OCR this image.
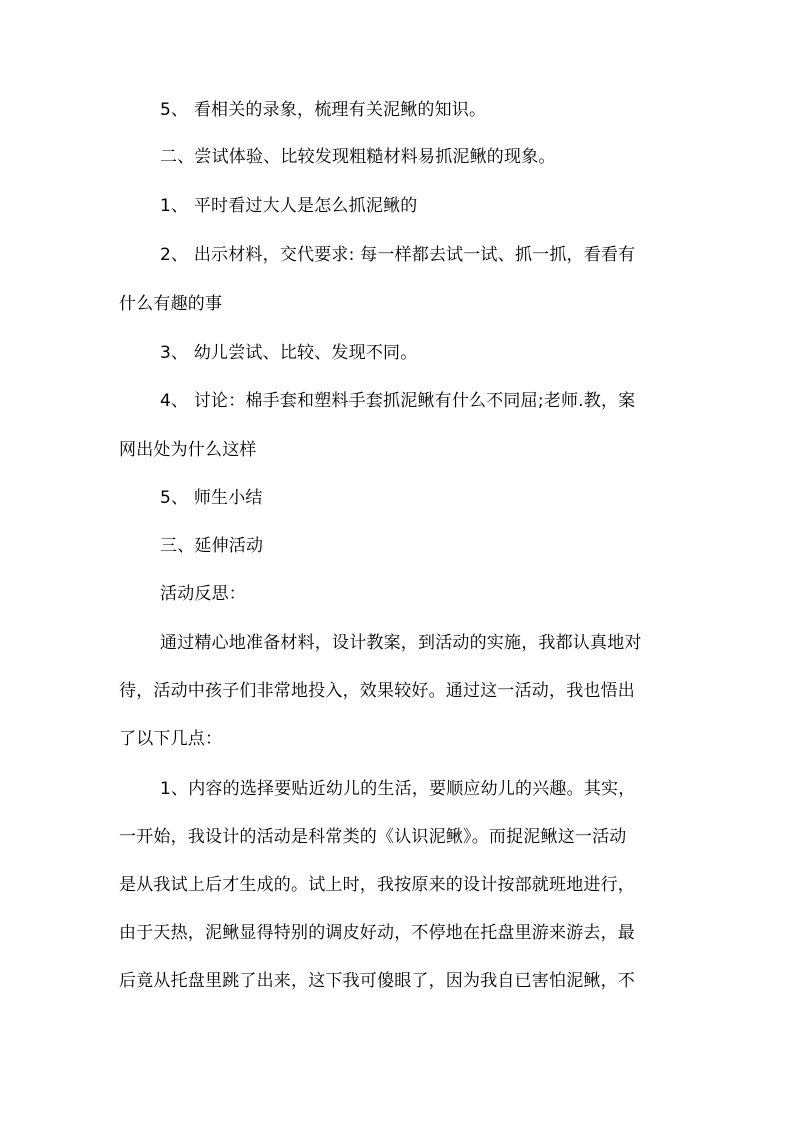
5、 看相关的录象，梳理有关泥鳅的知识。
二、尝试体验、比较发现粗糙材料易抓泥鳅的现象。
1、 平时看过大人是怎么抓泥鳅的
2、 出示材料，交代要求: 每一样都去试一试、抓一抓，看看有
什么有趣的事
3、 幼儿尝试、比较、发现不同。
4、 讨论：棉手套和塑料手套抓泥鳅有什么不同屈;老师.教，案
网出处为什么这样
5、 师生小结
三、延伸活动
活动反思：
通过精心地准备材料，设计教案，到活动的实施，我都认真地对
待，活动中孩子们非常地投入，效果较好。通过这一活动，我也悟出
了以下几点：
1、内容的选择要贴近幼儿的生活，要顺应幼儿的兴趣。其实，
一开始，我设计的活动是科常类的《认识泥鳅》。而捉泥鳅这一活动
是从我试上后才生成的。试上时，我按原来的设计按部就班地进行，
由于天热，泥鳅显得特别的调皮好动，不停地在托盘里游来游去，最
后竟从托盘里跳了出来，这下我可傻眼了，因为我自已害怕泥鳅，不
